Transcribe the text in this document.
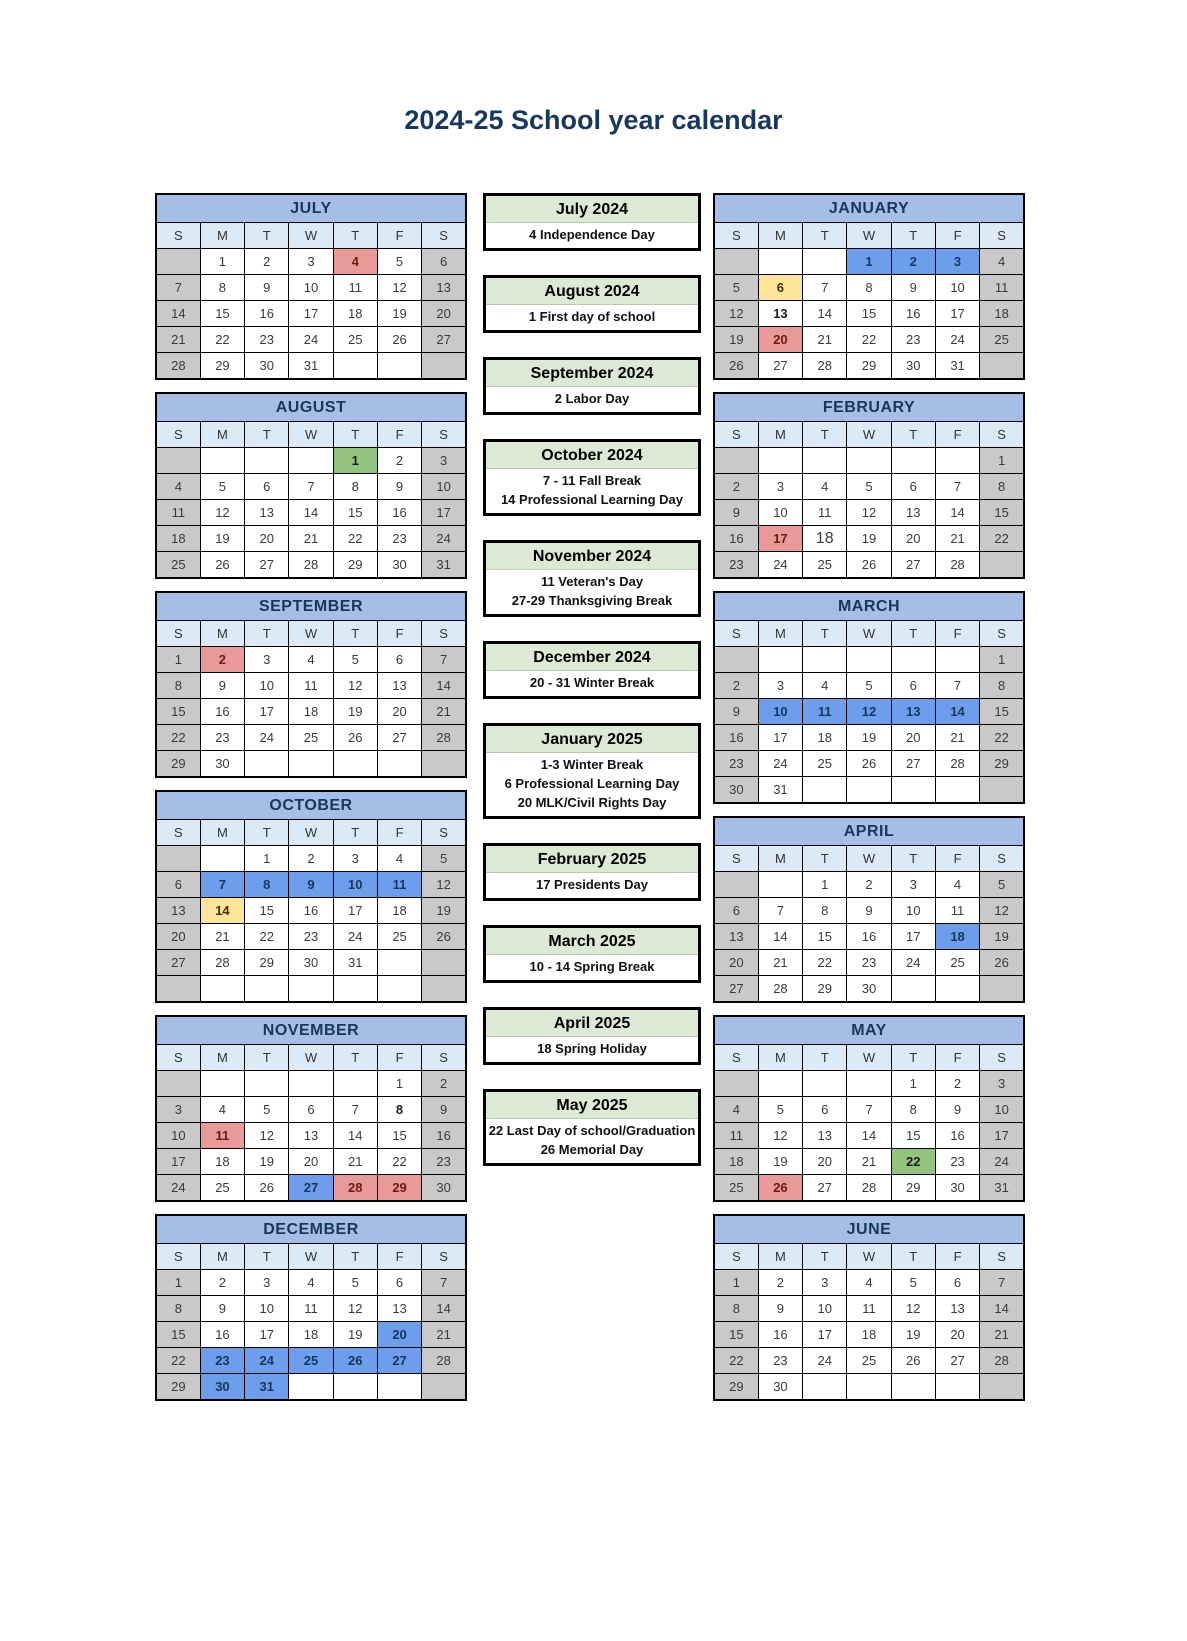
2024-25 School year calendar
JULY						
S	M	T	W	T	F	S
	1	2	3	4	5	6
7	8	9	10	11	12	13
14	15	16	17	18	19	20
21	22	23	24	25	26	27
28	29	30	31			
AUGUST						
S	M	T	W	T	F	S
				1	2	3
4	5	6	7	8	9	10
11	12	13	14	15	16	17
18	19	20	21	22	23	24
25	26	27	28	29	30	31
SEPTEMBER						
S	M	T	W	T	F	S
1	2	3	4	5	6	7
8	9	10	11	12	13	14
15	16	17	18	19	20	21
22	23	24	25	26	27	28
29	30					
OCTOBER						
S	M	T	W	T	F	S
		1	2	3	4	5
6	7	8	9	10	11	12
13	14	15	16	17	18	19
20	21	22	23	24	25	26
27	28	29	30	31		

NOVEMBER						
S	M	T	W	T	F	S
					1	2
3	4	5	6	7	8	9
10	11	12	13	14	15	16
17	18	19	20	21	22	23
24	25	26	27	28	29	30
DECEMBER						
S	M	T	W	T	F	S
1	2	3	4	5	6	7
8	9	10	11	12	13	14
15	16	17	18	19	20	21
22	23	24	25	26	27	28
29	30	31				
July 2024
4 Independence Day
August 2024
1 First day of school
September 2024
2 Labor Day
October 2024
7 - 11 Fall Break
14 Professional Learning Day
November 2024
11 Veteran's Day
27-29 Thanksgiving Break
December 2024
20 - 31 Winter Break
January 2025
1-3 Winter Break
6 Professional Learning Day
20 MLK/Civil Rights Day
February 2025
17 Presidents Day
March 2025
10 - 14 Spring Break
April 2025
18 Spring Holiday
May 2025
22 Last Day of school/Graduation
26 Memorial Day
JANUARY						
S	M	T	W	T	F	S
			1	2	3	4
5	6	7	8	9	10	11
12	13	14	15	16	17	18
19	20	21	22	23	24	25
26	27	28	29	30	31	
FEBRUARY						
S	M	T	W	T	F	S
						1
2	3	4	5	6	7	8
9	10	11	12	13	14	15
16	17	18	19	20	21	22
23	24	25	26	27	28	
MARCH						
S	M	T	W	T	F	S
						1
2	3	4	5	6	7	8
9	10	11	12	13	14	15
16	17	18	19	20	21	22
23	24	25	26	27	28	29
30	31					
APRIL						
S	M	T	W	T	F	S
		1	2	3	4	5
6	7	8	9	10	11	12
13	14	15	16	17	18	19
20	21	22	23	24	25	26
27	28	29	30			
MAY						
S	M	T	W	T	F	S
				1	2	3
4	5	6	7	8	9	10
11	12	13	14	15	16	17
18	19	20	21	22	23	24
25	26	27	28	29	30	31
JUNE						
S	M	T	W	T	F	S
1	2	3	4	5	6	7
8	9	10	11	12	13	14
15	16	17	18	19	20	21
22	23	24	25	26	27	28
29	30					
